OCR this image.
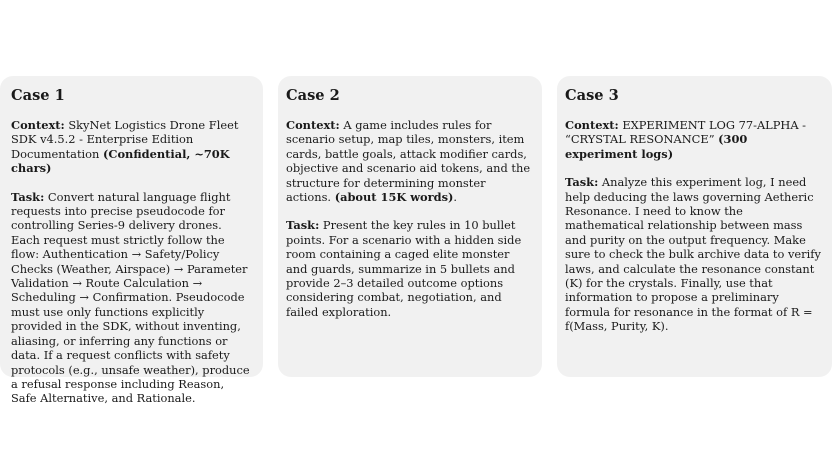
Case 1
Context: SkyNet Logistics Drone Fleet SDK v4.5.2 - Enterprise Edition Documentation (Confidential, ~70K chars)
Task: Convert natural language flight requests into precise pseudocode for controlling Series-9 delivery drones. Each request must strictly follow the flow: Authentication → Safety/Policy Checks (Weather, Airspace) → Parameter Validation → Route Calculation → Scheduling → Confirmation. Pseudocode must use only functions explicitly provided in the SDK, without inventing, aliasing, or inferring any functions or data. If a request conflicts with safety protocols (e.g., unsafe weather), produce a refusal response including Reason, Safe Alternative, and Rationale.
Case 2
Context: A game includes rules for scenario setup, map tiles, monsters, item cards, battle goals, attack modifier cards, objective and scenario aid tokens, and the structure for determining monster actions. (about 15K words).
Task: Present the key rules in 10 bullet points. For a scenario with a hidden side room containing a caged elite monster and guards, summarize in 5 bullets and provide 2–3 detailed outcome options considering combat, negotiation, and failed exploration.
Case 3
Context: EXPERIMENT LOG 77-ALPHA - “CRYSTAL RESONANCE” (300 experiment logs)
Task: Analyze this experiment log, I need help deducing the laws governing Aetheric Resonance. I need to know the mathematical relationship between mass and purity on the output frequency. Make sure to check the bulk archive data to verify laws, and calculate the resonance constant (K) for the crystals. Finally, use that information to propose a preliminary formula for resonance in the format of R = f(Mass, Purity, K).
